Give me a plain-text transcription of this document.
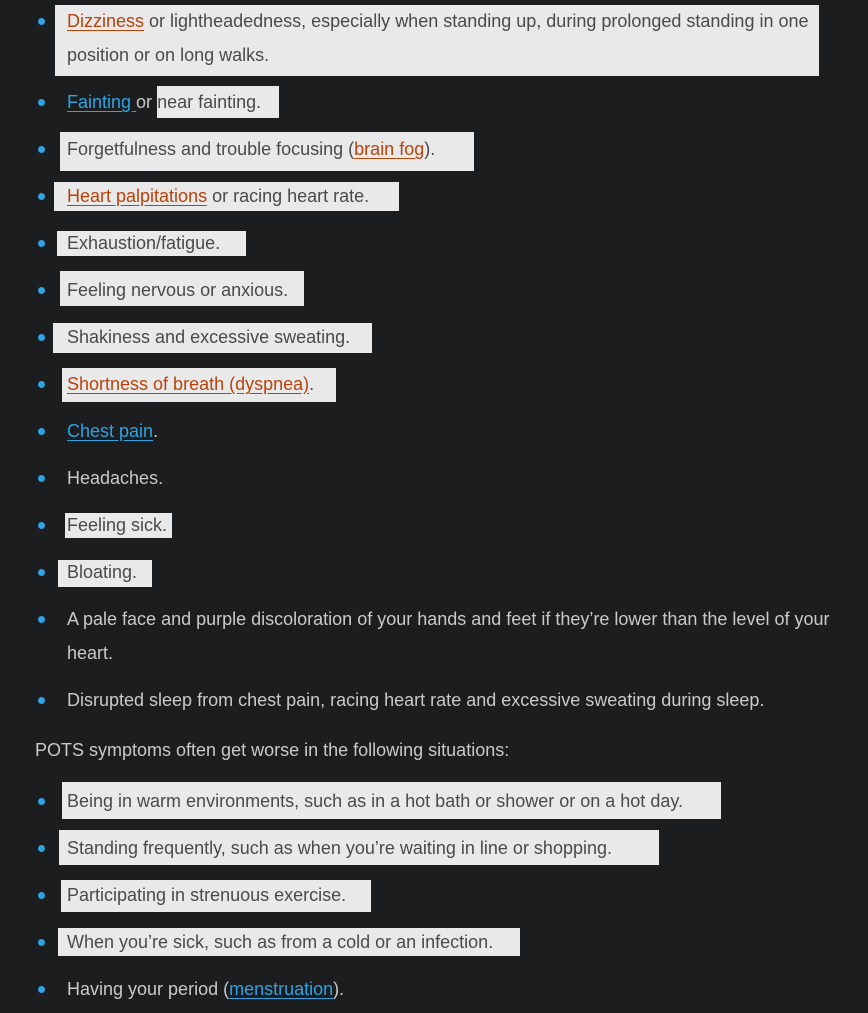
Dizziness or lightheadedness, especially when standing up, during prolonged standing in one position or on long walks.
Fainting or near fainting.
Forgetfulness and trouble focusing (brain fog).
Heart palpitations or racing heart rate.
Exhaustion/fatigue.
Feeling nervous or anxious.
Shakiness and excessive sweating.
Shortness of breath (dyspnea).
Chest pain.
Headaches.
Feeling sick.
Bloating.
A pale face and purple discoloration of your hands and feet if they’re lower than the level of your heart.
Disrupted sleep from chest pain, racing heart rate and excessive sweating during sleep.

POTS symptoms often get worse in the following situations:

Being in warm environments, such as in a hot bath or shower or on a hot day.
Standing frequently, such as when you’re waiting in line or shopping.
Participating in strenuous exercise.
When you’re sick, such as from a cold or an infection.
Having your period (menstruation).
